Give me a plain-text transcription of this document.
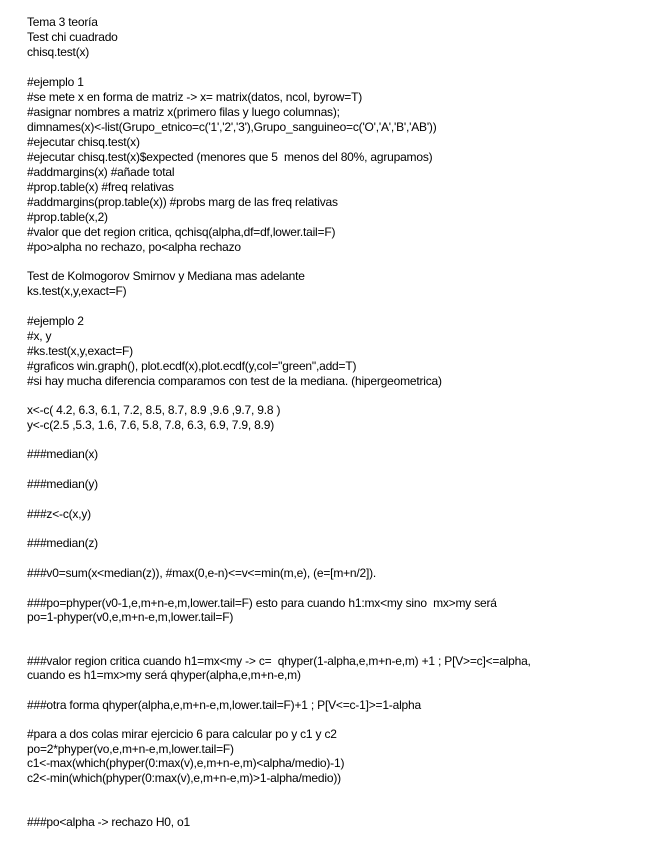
Tema 3 teoría

Test chi cuadrado

chisq.test(x)

#ejemplo 1

#se mete x en forma de matriz -> x= matrix(datos, ncol, byrow=T)

#asignar nombres a matriz x(primero filas y luego columnas);

dimnames(x)<-list(Grupo_etnico=c('1','2','3'),Grupo_sanguineo=c('O','A','B','AB'))

#ejecutar chisq.test(x)

#ejecutar chisq.test(x)$expected (menores que 5  menos del 80%, agrupamos)

#addmargins(x) #añade total

#prop.table(x) #freq relativas

#addmargins(prop.table(x)) #probs marg de las freq relativas

#prop.table(x,2)

#valor que det region critica, qchisq(alpha,df=df,lower.tail=F)

#po>alpha no rechazo, po<alpha rechazo

Test de Kolmogorov Smirnov y Mediana mas adelante

ks.test(x,y,exact=F)

#ejemplo 2

#x, y

#ks.test(x,y,exact=F)

#graficos win.graph(), plot.ecdf(x),plot.ecdf(y,col="green",add=T)

#si hay mucha diferencia comparamos con test de la mediana. (hipergeometrica)

x<-c( 4.2, 6.3, 6.1, 7.2, 8.5, 8.7, 8.9 ,9.6 ,9.7, 9.8 )

y<-c(2.5 ,5.3, 1.6, 7.6, 5.8, 7.8, 6.3, 6.9, 7.9, 8.9)

###median(x)

###median(y)

###z<-c(x,y)

###median(z)

###v0=sum(x<median(z)), #max(0,e-n)<=v<=min(m,e), (e=[m+n/2]).

###po=phyper(v0-1,e,m+n-e,m,lower.tail=F) esto para cuando h1:mx<my sino  mx>my será

po=1-phyper(v0,e,m+n-e,m,lower.tail=F)

###valor region critica cuando h1=mx<my -> c=  qhyper(1-alpha,e,m+n-e,m) +1 ; P[V>=c]<=alpha,

cuando es h1=mx>my será qhyper(alpha,e,m+n-e,m)

###otra forma qhyper(alpha,e,m+n-e,m,lower.tail=F)+1 ; P[V<=c-1]>=1-alpha

#para a dos colas mirar ejercicio 6 para calcular po y c1 y c2

po=2*phyper(vo,e,m+n-e,m,lower.tail=F)

c1<-max(which(phyper(0:max(v),e,m+n-e,m)<alpha/medio)-1)

c2<-min(which(phyper(0:max(v),e,m+n-e,m)>1-alpha/medio))

###po<alpha -> rechazo H0, o1
